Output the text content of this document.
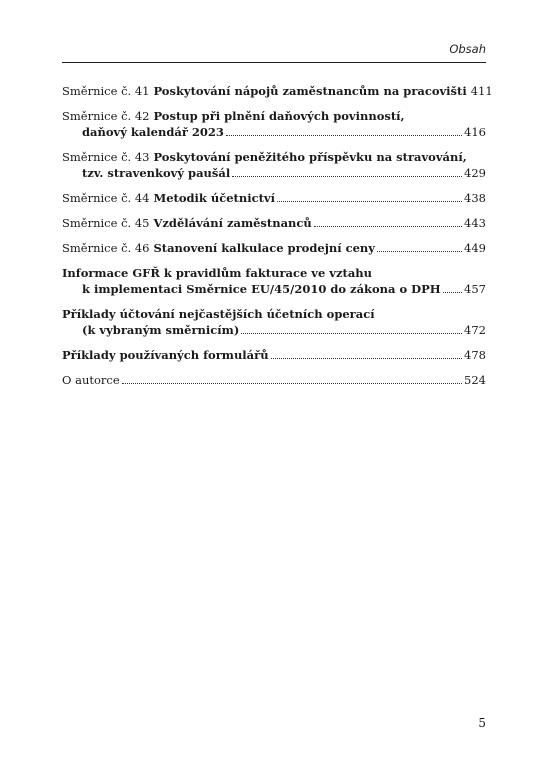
Obsah
Směrnice č. 41 Poskytování nápojů zaměstnancům na pracovišti 411
Směrnice č. 42 Postup při plnění daňových povinností,
daňový kalendář 2023	416
Směrnice č. 43 Poskytování peněžitého příspěvku na stravování,
tzv. stravenkový paušál	429
Směrnice č. 44 Metodik účetnictví	438
Směrnice č. 45 Vzdělávání zaměstnanců	443
Směrnice č. 46 Stanovení kalkulace prodejní ceny	449
Informace GFŘ k pravidlům fakturace ve vztahu
k implementaci Směrnice EU/45/2010 do zákona o DPH 457
Příklady účtování nejčastějších účetních operací
(k vybraným směrnicím)	472
Příklady používaných formulářů	478
O autorce	524
5
